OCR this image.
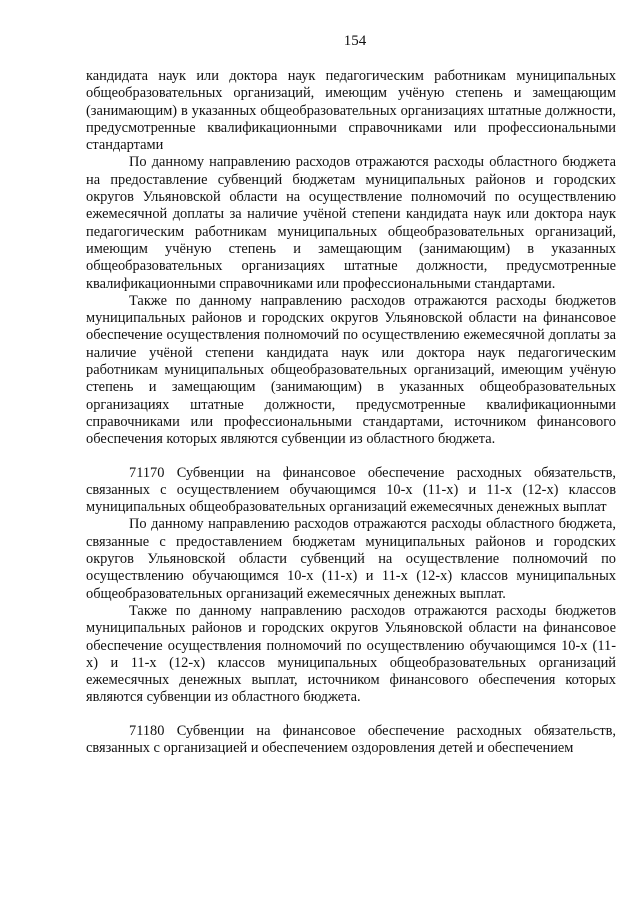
154

кандидата наук или доктора наук педагогическим работникам муниципальных общеобразовательных организаций, имеющим учёную степень и замещающим (занимающим) в указанных общеобразовательных организациях штатные должности, предусмотренные квалификационными справочниками или профессиональными стандартами

По данному направлению расходов отражаются расходы областного бюджета на предоставление субвенций бюджетам муниципальных районов и городских округов Ульяновской области на осуществление полномочий по осуществлению ежемесячной доплаты за наличие учёной степени кандидата наук или доктора наук педагогическим работникам муниципальных общеобразовательных организаций, имеющим учёную степень и замещающим (занимающим) в указанных общеобразовательных организациях штатные должности, предусмотренные квалификационными справочниками или профессиональными стандартами.

Также по данному направлению расходов отражаются расходы бюджетов муниципальных районов и городских округов Ульяновской области на финансовое обеспечение осуществления полномочий по осуществлению ежемесячной доплаты за наличие учёной степени кандидата наук или доктора наук педагогическим работникам муниципальных общеобразовательных организаций, имеющим учёную степень и замещающим (занимающим) в указанных общеобразовательных организациях штатные должности, предусмотренные квалификационными справочниками или профессиональными стандартами, источником финансового обеспечения которых являются субвенции из областного бюджета.

71170 Субвенции на финансовое обеспечение расходных обязательств, связанных с осуществлением обучающимся 10-х (11-х) и 11-х (12-х) классов муниципальных общеобразовательных организаций ежемесячных денежных выплат

По данному направлению расходов отражаются расходы областного бюджета, связанные с предоставлением бюджетам муниципальных районов и городских округов Ульяновской области субвенций на осуществление полномочий по осуществлению обучающимся 10-х (11-х) и 11-х (12-х) классов муниципальных общеобразовательных организаций ежемесячных денежных выплат.

Также по данному направлению расходов отражаются расходы бюджетов муниципальных районов и городских округов Ульяновской области на финансовое обеспечение осуществления полномочий по осуществлению обучающимся 10-х (11-х) и 11-х (12-х) классов муниципальных общеобразовательных организаций ежемесячных денежных выплат, источником финансового обеспечения которых являются субвенции из областного бюджета.

71180 Субвенции на финансовое обеспечение расходных обязательств, связанных с организацией и обеспечением оздоровления детей и обеспечением
